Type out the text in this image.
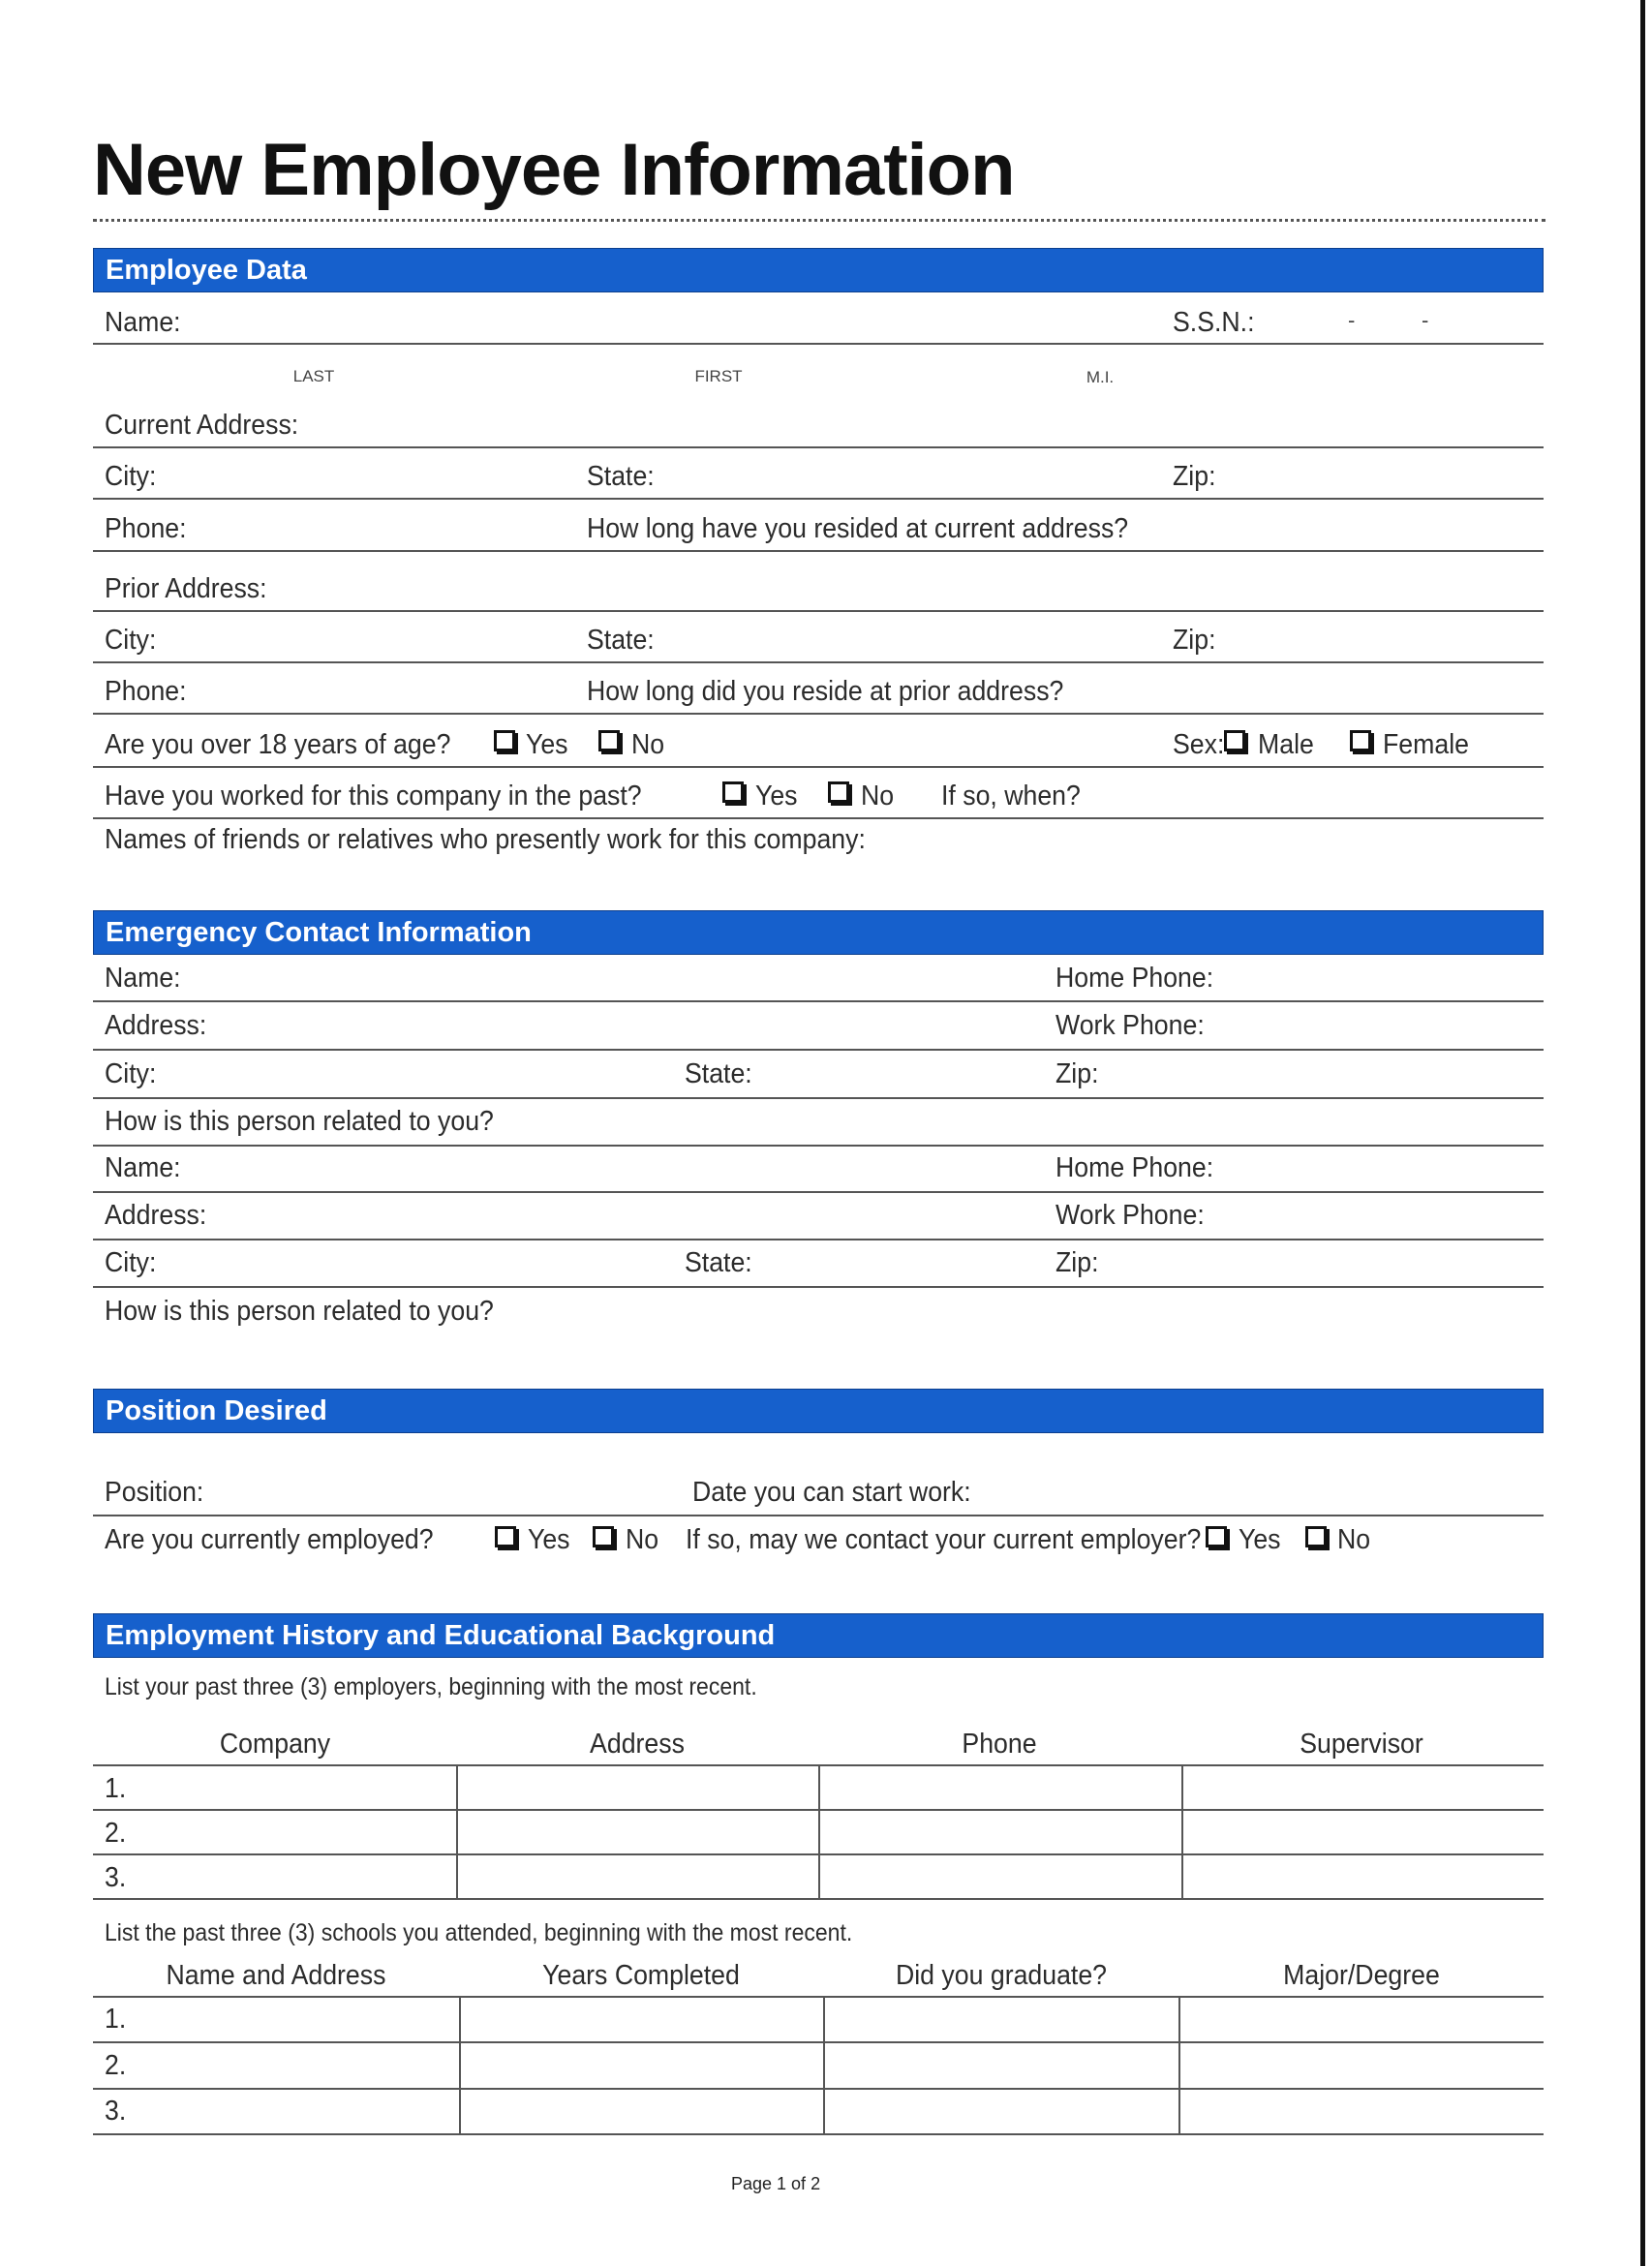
New Employee Information
Employee Data
Name:	S.S.N.:	-	-
LAST	FIRST	M.I.
Current Address:
City:	State:	Zip:
Phone:	How long have you resided at current address?
Prior Address:
City:	State:	Zip:
Phone:	How long did you reside at prior address?
Are you over 18 years of age?	Yes No	Sex: Male Female
Have you worked for this company in the past?	Yes No If so, when?
Names of friends or relatives who presently work for this company:
Emergency Contact Information
Name:	Home Phone:
Address:	Work Phone:
City:	State:	Zip:
How is this person related to you?
Name:	Home Phone:
Address:	Work Phone:
City:	State:	Zip:
How is this person related to you?
Position Desired
Position:	Date you can start work:
Are you currently employed?	Yes No If so, may we contact your current employer? Yes No
Employment History and Educational Background
List your past three (3) employers, beginning with the most recent.
Company	Address	Phone	Supervisor
1.
2.
3.
List the past three (3) schools you attended, beginning with the most recent.
Name and Address	Years Completed	Did you graduate?	Major/Degree
1.
2.
3.
Page 1 of 2
